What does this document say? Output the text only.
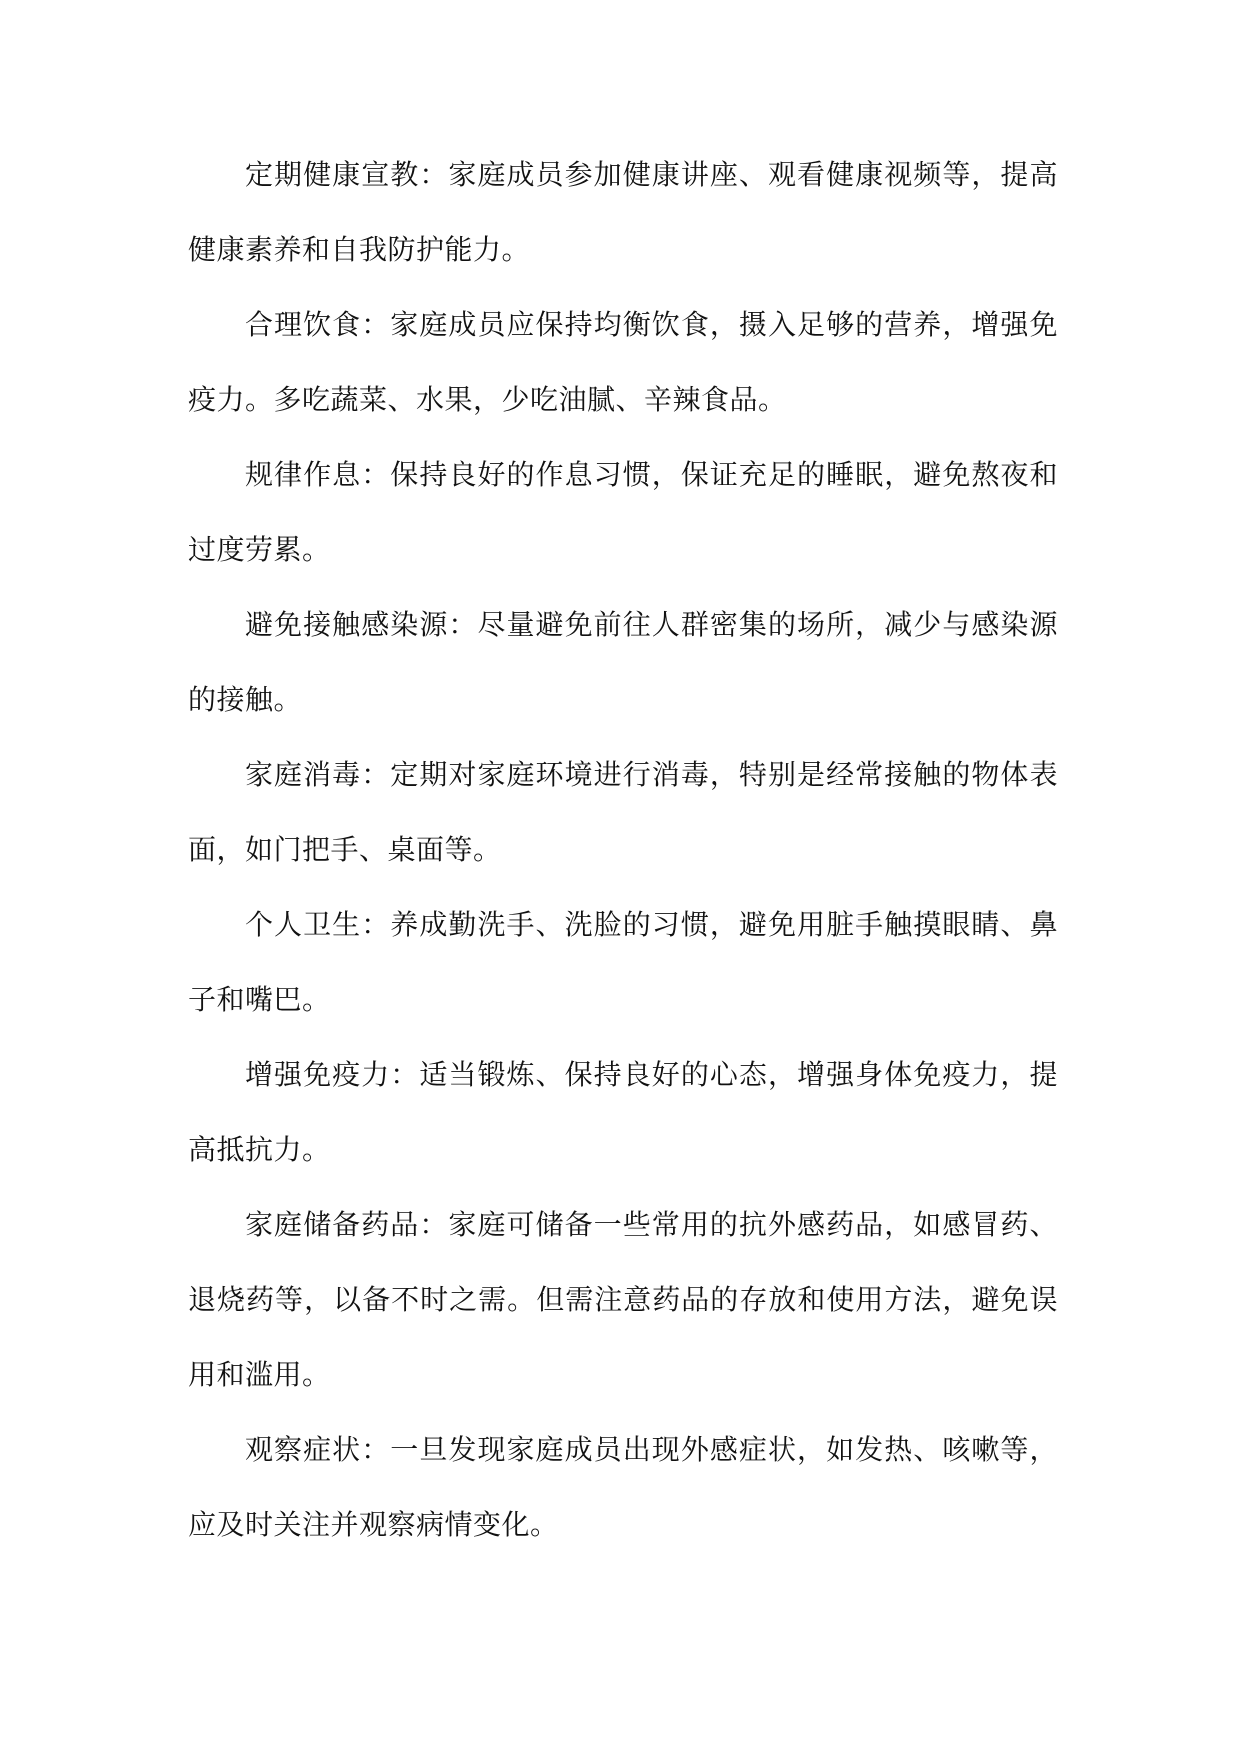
定期健康宣教：家庭成员参加健康讲座、观看健康视频等，提高健康素养和自我防护能力。

合理饮食：家庭成员应保持均衡饮食，摄入足够的营养，增强免疫力。多吃蔬菜、水果，少吃油腻、辛辣食品。

规律作息：保持良好的作息习惯，保证充足的睡眠，避免熬夜和过度劳累。

避免接触感染源：尽量避免前往人群密集的场所，减少与感染源的接触。

家庭消毒：定期对家庭环境进行消毒，特别是经常接触的物体表面，如门把手、桌面等。

个人卫生：养成勤洗手、洗脸的习惯，避免用脏手触摸眼睛、鼻子和嘴巴。

增强免疫力：适当锻炼、保持良好的心态，增强身体免疫力，提高抵抗力。

家庭储备药品：家庭可储备一些常用的抗外感药品，如感冒药、退烧药等，以备不时之需。但需注意药品的存放和使用方法，避免误用和滥用。

观察症状：一旦发现家庭成员出现外感症状，如发热、咳嗽等，应及时关注并观察病情变化。
